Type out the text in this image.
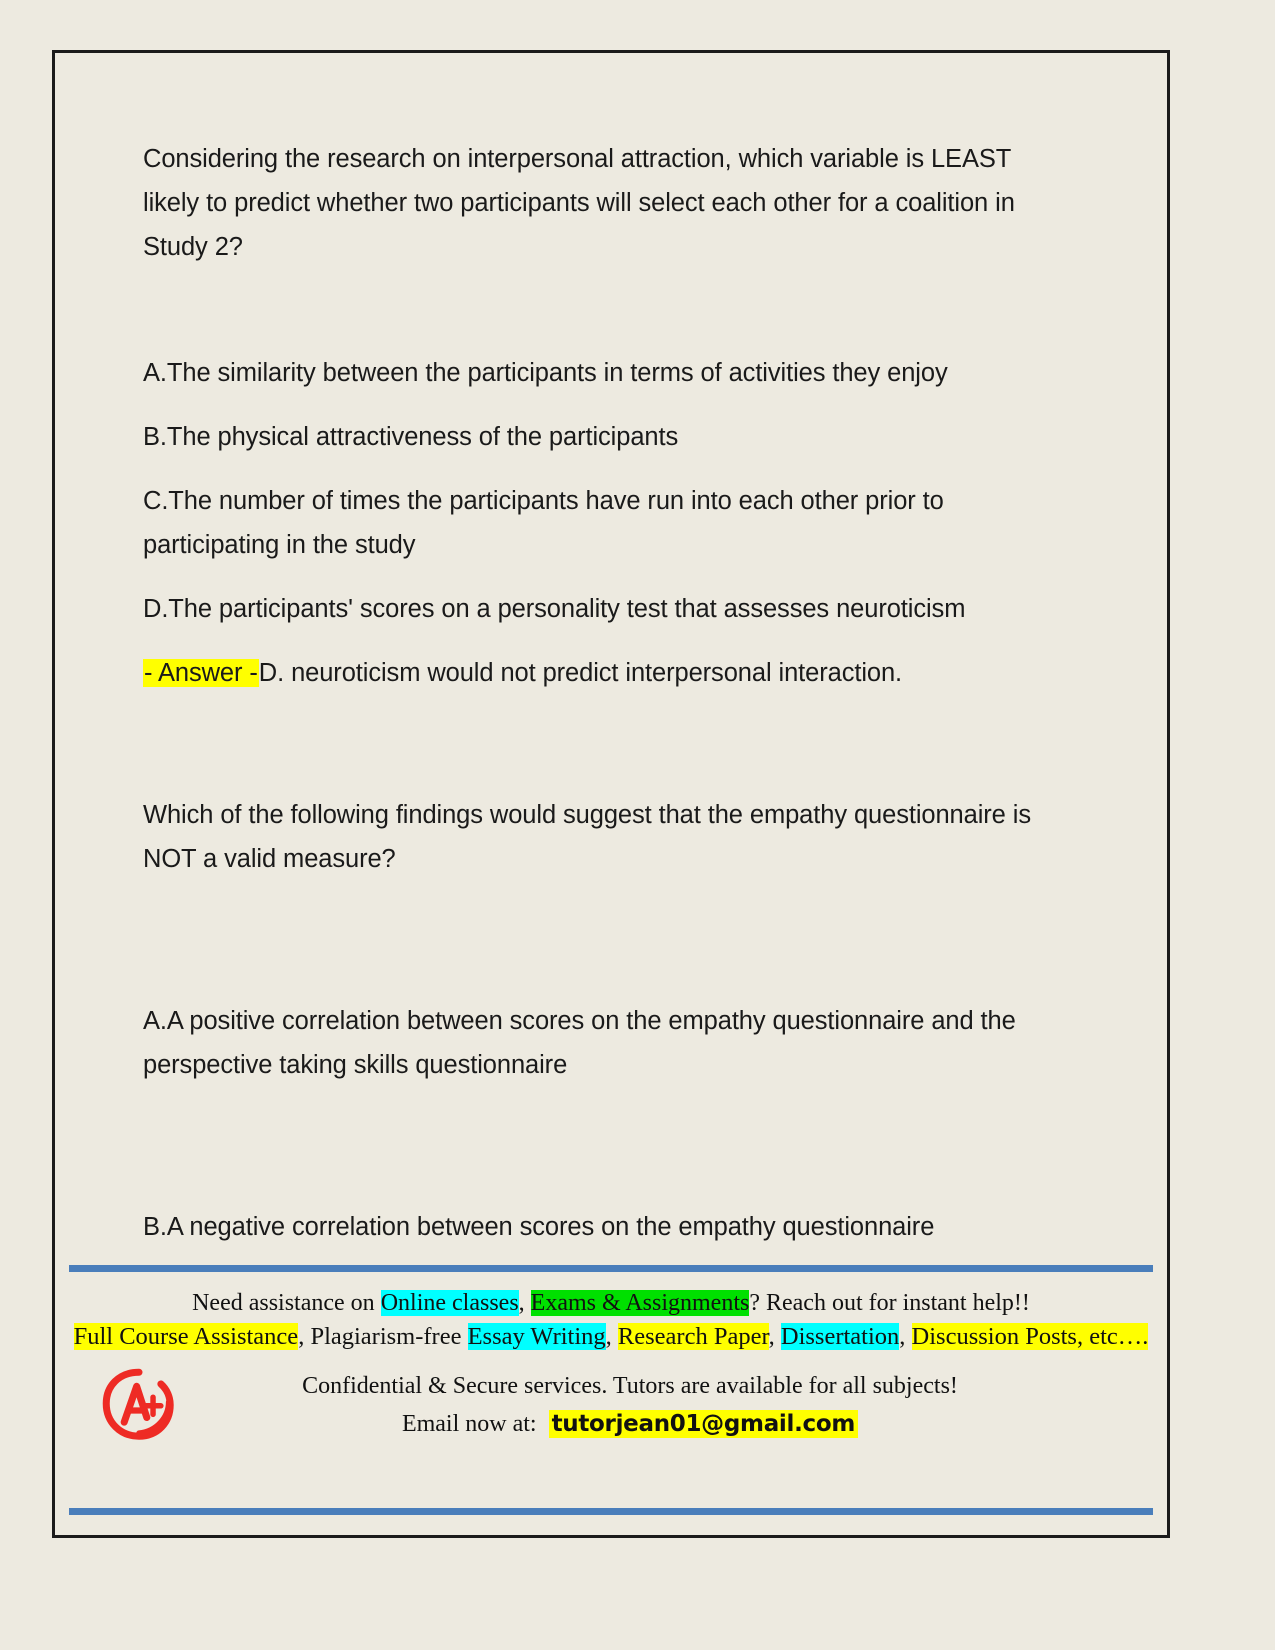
Considering the research on interpersonal attraction, which variable is LEAST likely to predict whether two participants will select each other for a coalition in Study 2?

A.The similarity between the participants in terms of activities they enjoy

B.The physical attractiveness of the participants

C.The number of times the participants have run into each other prior to participating in the study

D.The participants' scores on a personality test that assesses neuroticism

- Answer -D. neuroticism would not predict interpersonal interaction.

Which of the following findings would suggest that the empathy questionnaire is NOT a valid measure?

A.A positive correlation between scores on the empathy questionnaire and the perspective taking skills questionnaire

B.A negative correlation between scores on the empathy questionnaire

Need assistance on Online classes, Exams & Assignments? Reach out for instant help!!
Full Course Assistance, Plagiarism-free Essay Writing, Research Paper, Dissertation, Discussion Posts, etc….
Confidential & Secure services. Tutors are available for all subjects!
Email now at: tutorjean01@gmail.com
